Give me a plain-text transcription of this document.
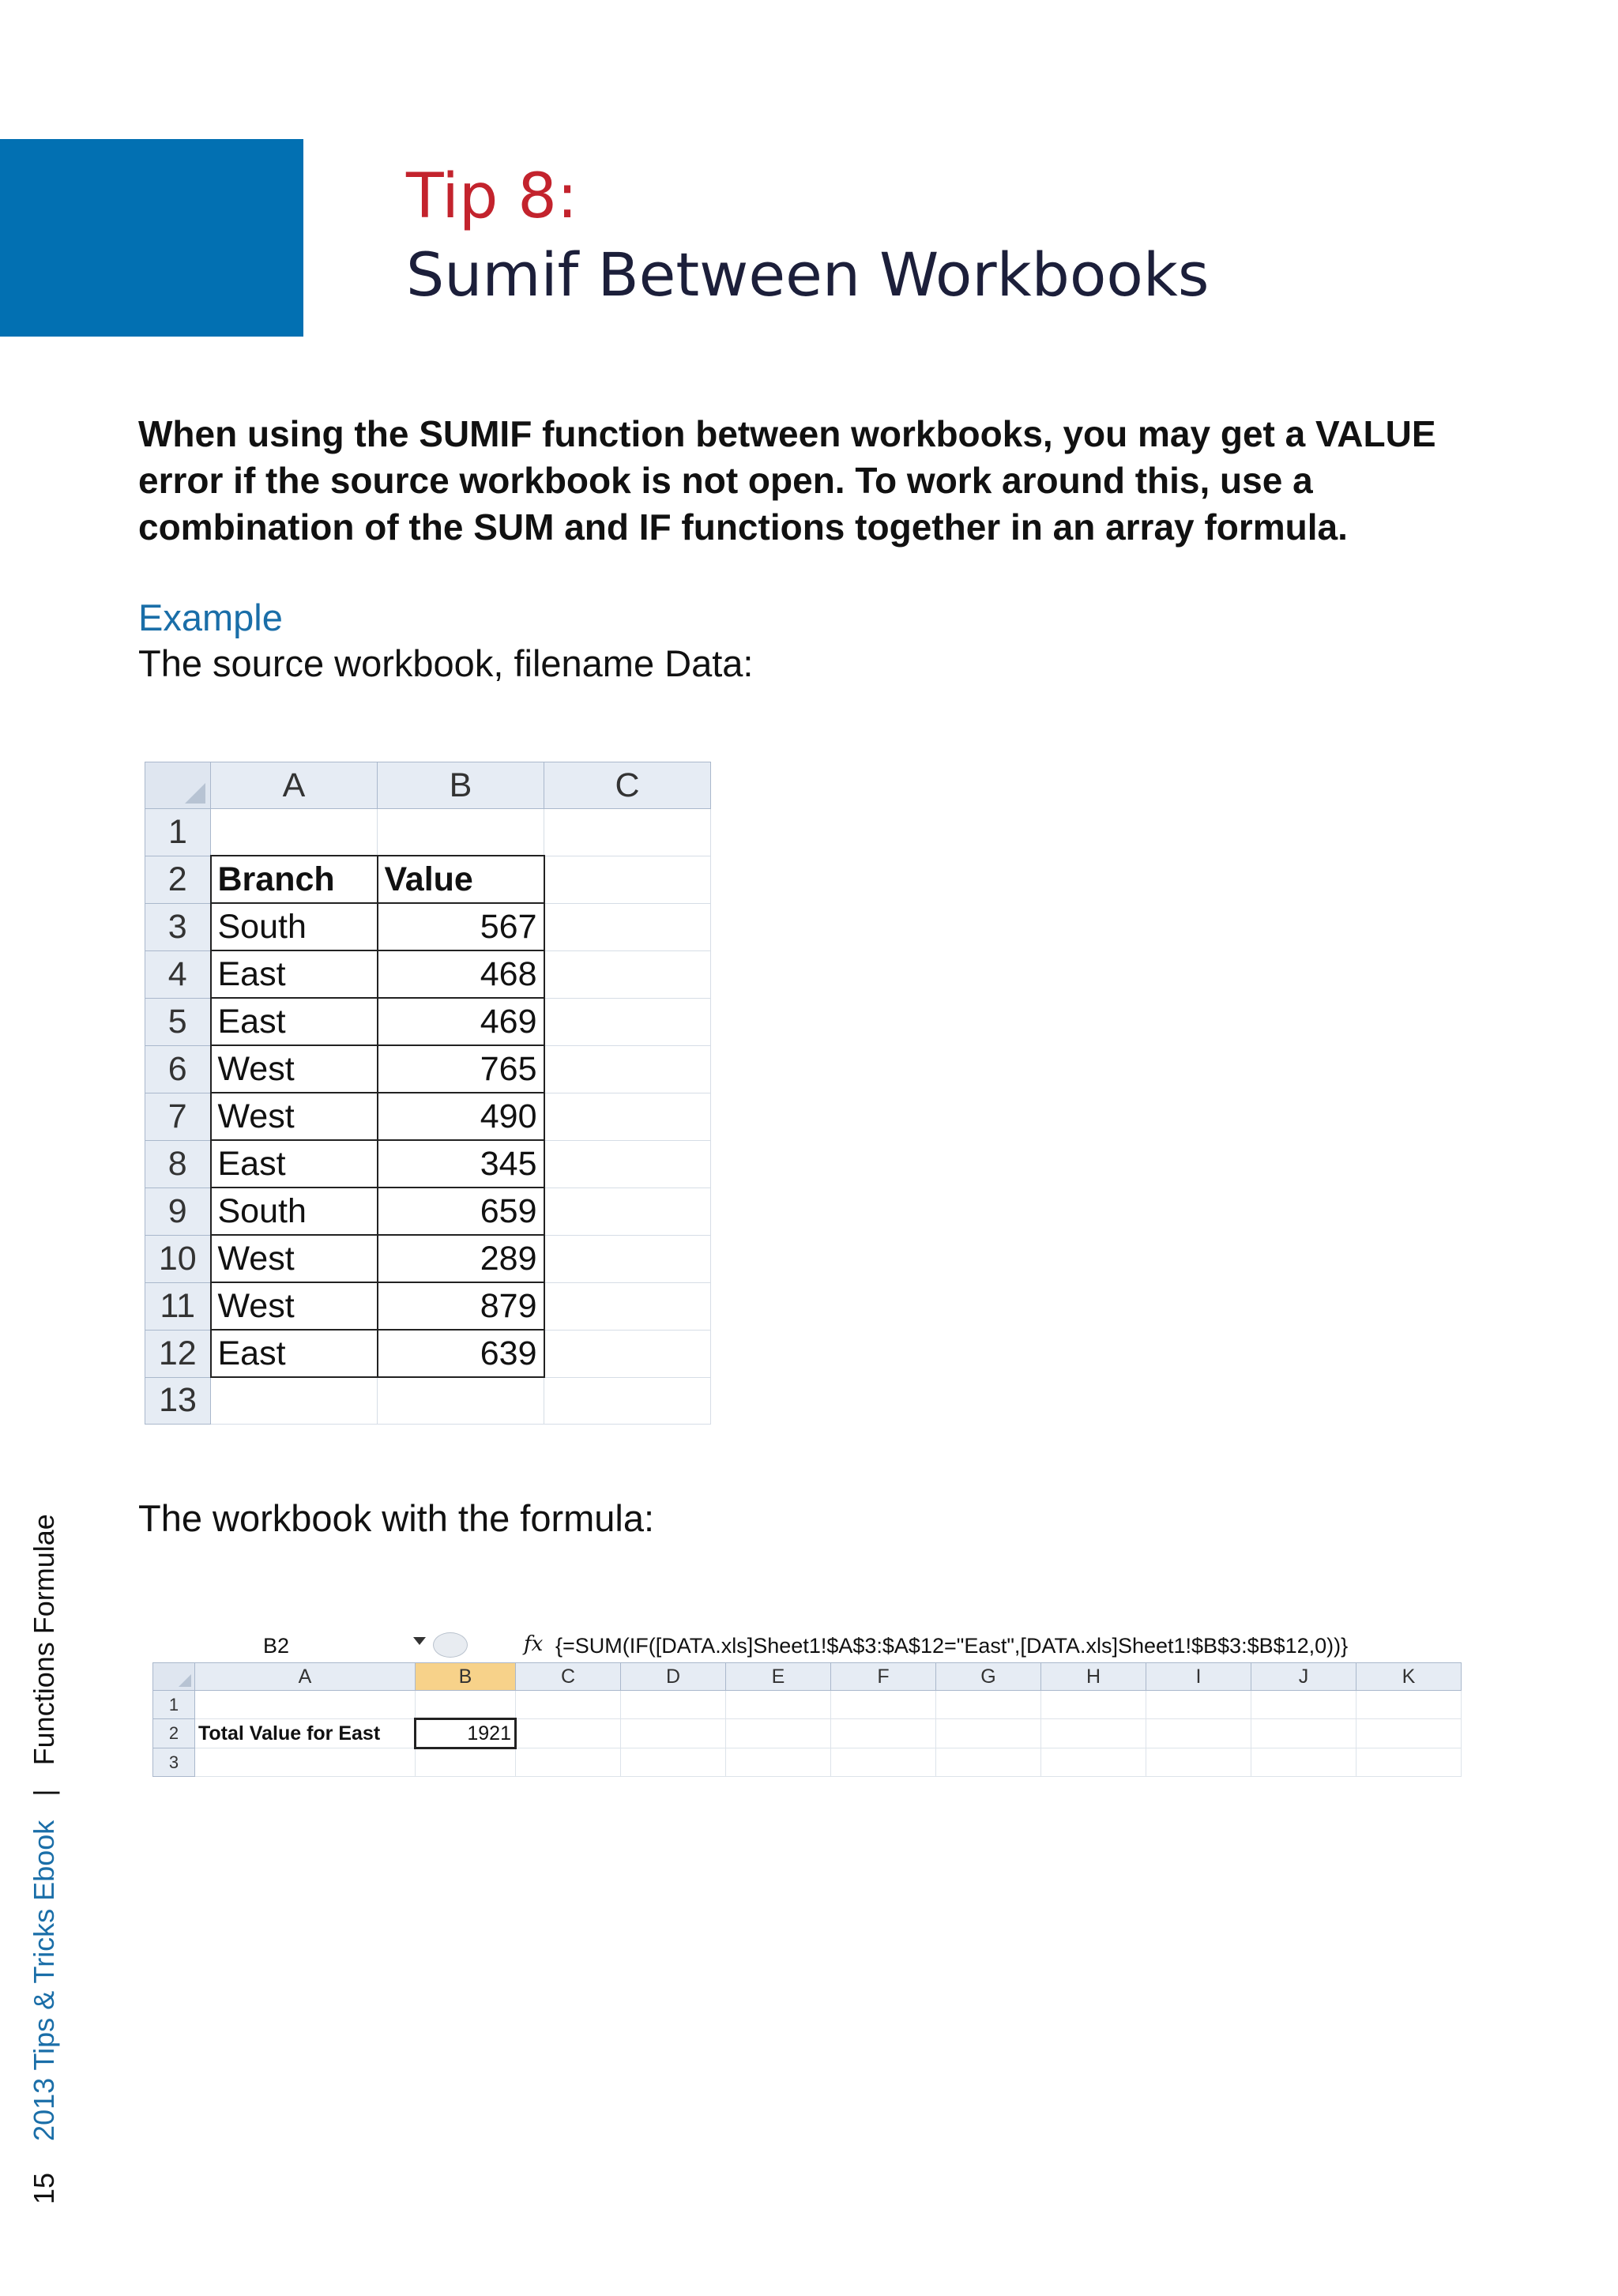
Tip 8:
Sumif Between Workbooks
When using the SUMIF function between workbooks, you may get a VALUE error if the source workbook is not open. To work around this, use a combination of the SUM and IF functions together in an array formula.
Example
The source workbook, filename Data:
	A	B	C
1			
2	Branch	Value	
3	South	567	
4	East	468	
5	East	469	
6	West	765	
7	West	490	
8	East	345	
9	South	659	
10	West	289	
11	West	879	
12	East	639	
13			
The workbook with the formula:
B2	fx {=SUM(IF([DATA.xls]Sheet1!$A$3:$A$12="East",[DATA.xls]Sheet1!$B$3:$B$12,0))}
	A	B	C	D	E	F	G	H	I	J	K
1											
2	Total Value for East	1921									
3											
15    2013 Tips & Tricks Ebook   |   Functions Formulae
